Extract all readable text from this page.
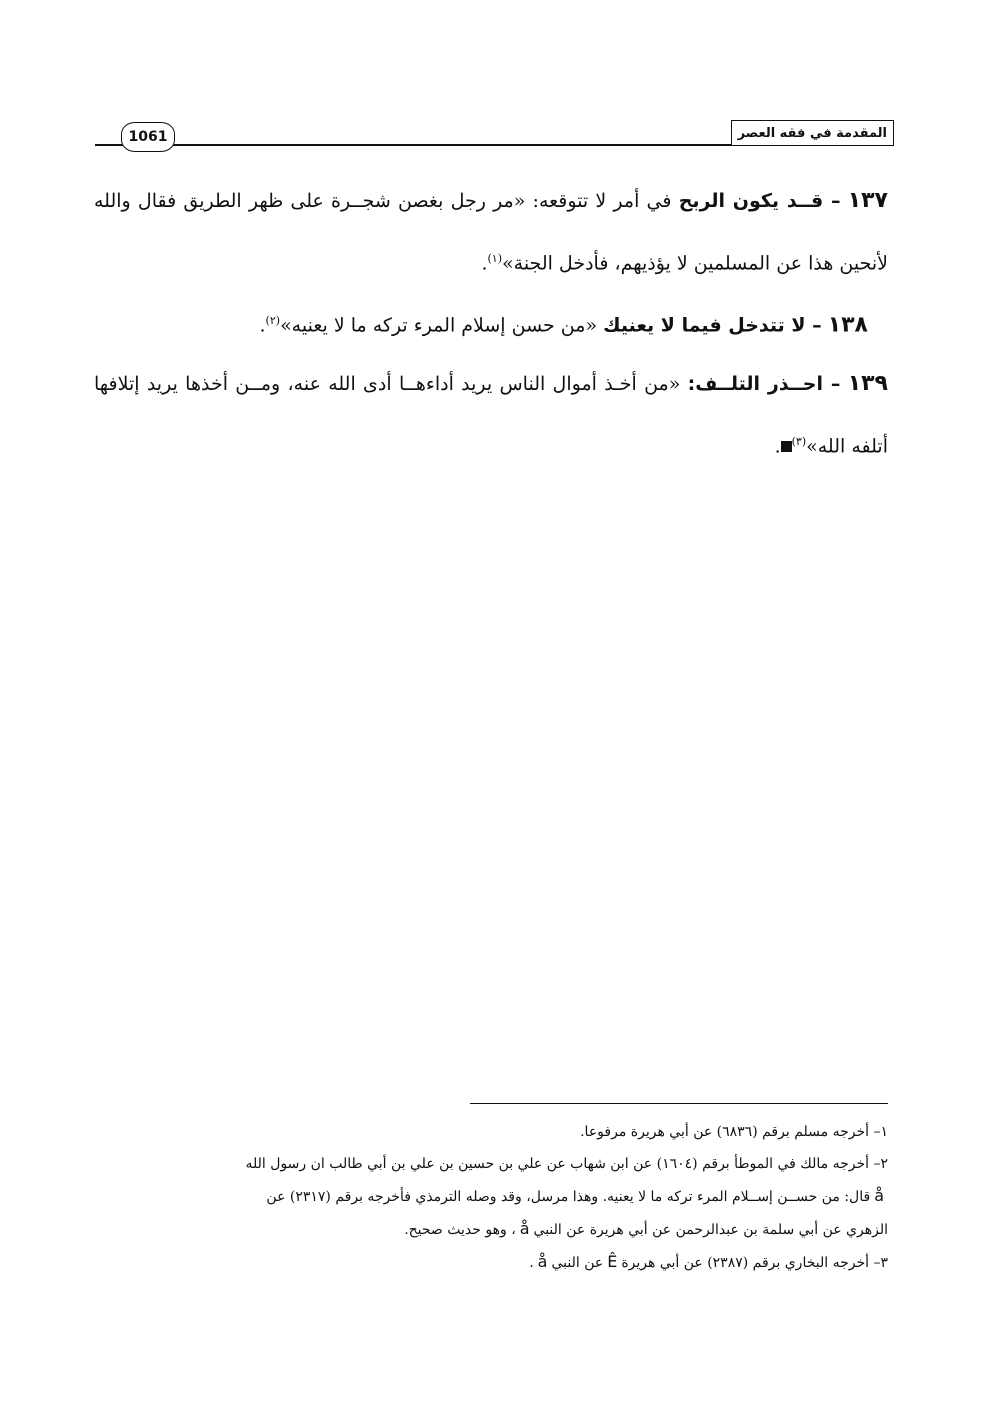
1061	المقدمة في فقه العصر

١٣٧ – قــد يكون الربح في أمر لا تتوقعه: «مر رجل بغصن شجــرة على ظهر الطريق فقال والله لأنحين هذا عن المسلمين لا يؤذيهم، فأدخل الجنة»$^{(١)}$.

١٣٨ – لا تتدخل فيما لا يعنيك «من حسن إسلام المرء تركه ما لا يعنيه»$^{(٢)}$.

١٣٩ – احــذر التلــف: «من أخـذ أموال الناس يريد أداءهــا أدى الله عنه، ومــن أخذها يريد إتلافها أتلفه الله»$^{(٣)}$.

١– أخرجه مسلم برقم (٦٨٣٦) عن أبي هريرة مرفوعا.

٢– أخرجه مالك في الموطأ برقم (١٦٠٤) عن ابن شهاب عن علي بن حسين بن علي بن أبي طالب ان رسول الله

åقال: من حســن إســلام المرء تركه ما لا يعنيه. وهذا مرسل، وقد وصله الترمذي فأخرجه برقم (٢٣١٧) عن

الزهري عن أبي سلمة بن عبدالرحمن عن أبي هريرة عن النبيå، وهو حديث صحيح.

٣– أخرجه البخاري برقم (٢٣٨٧) عن أبي هريرةÊعن النبيå.
